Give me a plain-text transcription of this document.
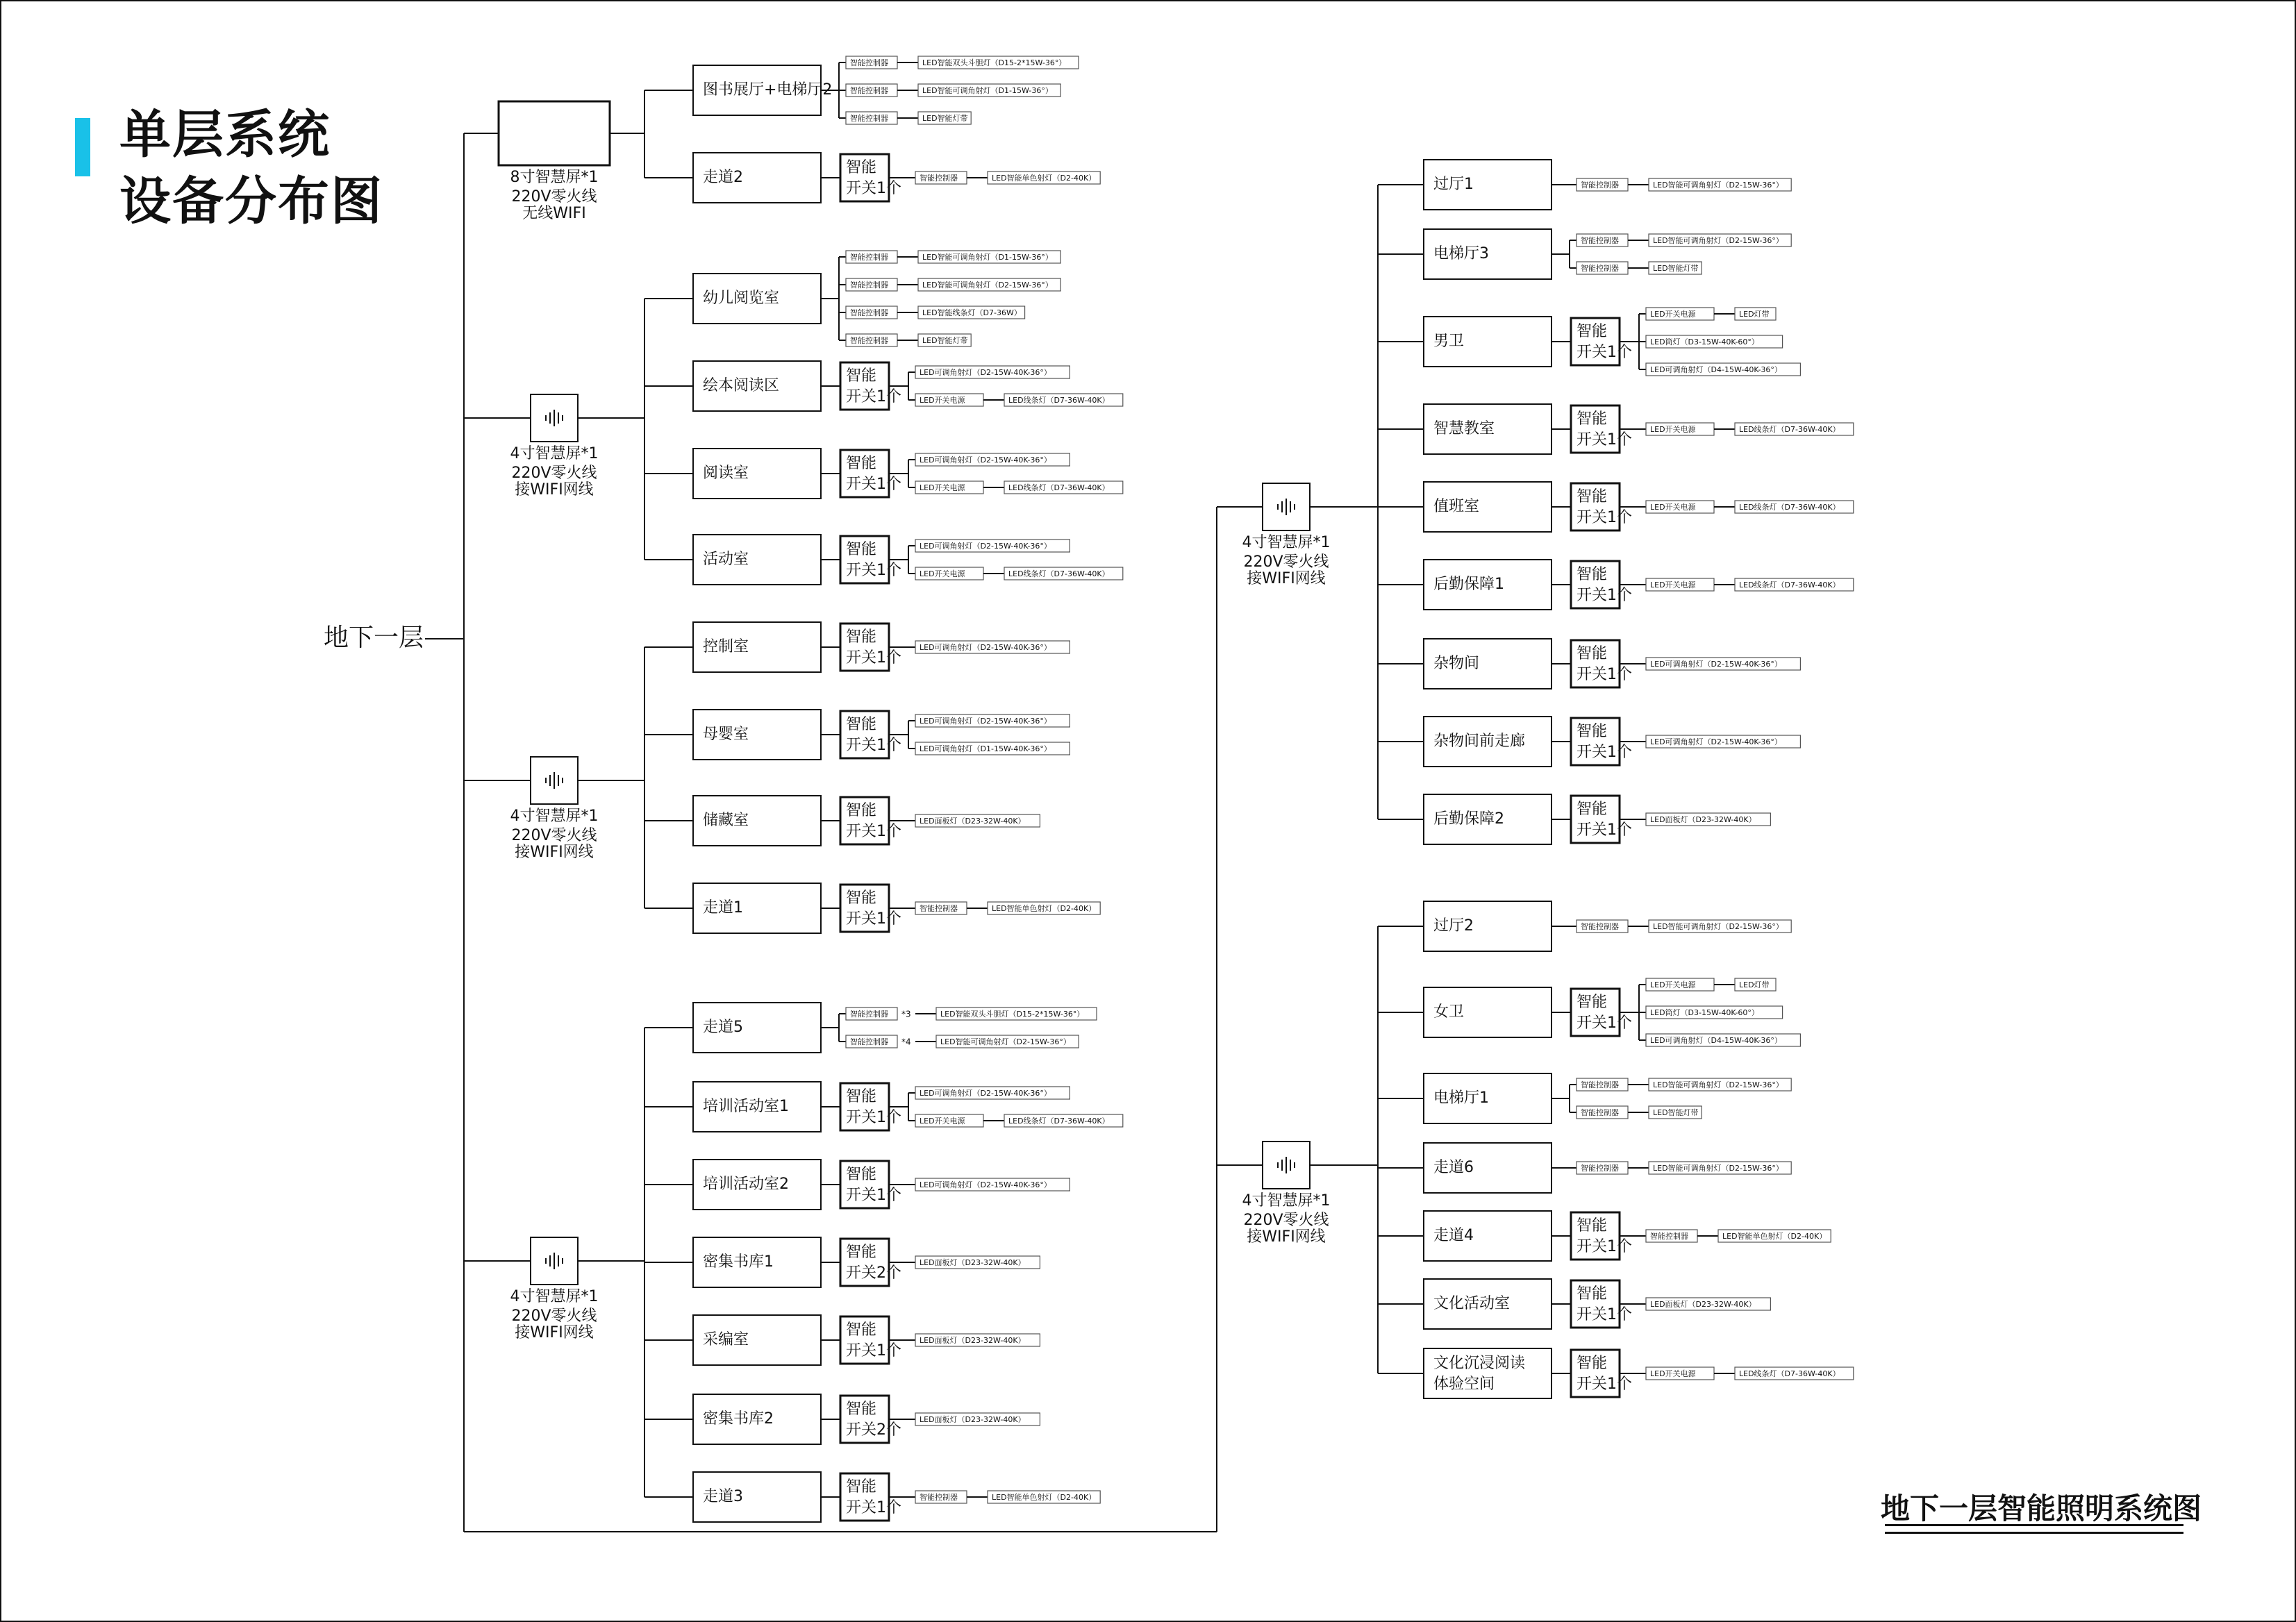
单层系统
设备分布图
地下一层
8寸智慧屏*1
220V零火线
无线WIFI
图书展厅+电梯厅2
智能控制器	LED智能双头斗胆灯（D15-2*15W-36°）
智能控制器	LED智能可调角射灯（D1-15W-36°）
智能控制器	LED智能灯带
走道2
智能
开关1个
智能控制器	LED智能单色射灯（D2-40K）
4寸智慧屏*1
220V零火线
接WIFI网线
幼儿阅览室
智能控制器	LED智能可调角射灯（D1-15W-36°）
智能控制器	LED智能可调角射灯（D2-15W-36°）
智能控制器	LED智能线条灯（D7-36W）
智能控制器	LED智能灯带
绘本阅读区
智能
开关1个
LED可调角射灯（D2-15W-40K-36°）
LED开关电源	LED线条灯（D7-36W-40K）
阅读室
智能
开关1个
LED可调角射灯（D2-15W-40K-36°）
LED开关电源	LED线条灯（D7-36W-40K）
活动室
智能
开关1个
LED可调角射灯（D2-15W-40K-36°）
LED开关电源	LED线条灯（D7-36W-40K）
4寸智慧屏*1
220V零火线
接WIFI网线
控制室
智能
开关1个
LED可调角射灯（D2-15W-40K-36°）
母婴室
智能
开关1个
LED可调角射灯（D2-15W-40K-36°）
LED可调角射灯（D1-15W-40K-36°）
储藏室
智能
开关1个
LED面板灯（D23-32W-40K）
走道1
智能
开关1个
智能控制器	LED智能单色射灯（D2-40K）
4寸智慧屏*1
220V零火线
接WIFI网线
走道5
智能控制器 *3	LED智能双头斗胆灯（D15-2*15W-36°）
智能控制器 *4	LED智能可调角射灯（D2-15W-36°）
培训活动室1
智能
开关1个
LED可调角射灯（D2-15W-40K-36°）
LED开关电源	LED线条灯（D7-36W-40K）
培训活动室2
智能
开关1个
LED可调角射灯（D2-15W-40K-36°）
密集书库1
智能
开关2个
LED面板灯（D23-32W-40K）
采编室
智能
开关1个
LED面板灯（D23-32W-40K）
密集书库2
智能
开关2个
LED面板灯（D23-32W-40K）
走道3
智能
开关1个
智能控制器	LED智能单色射灯（D2-40K）
4寸智慧屏*1
220V零火线
接WIFI网线
过厅1	智能控制器	LED智能可调角射灯（D2-15W-36°）
电梯厅3
智能控制器	LED智能可调角射灯（D2-15W-36°）
智能控制器	LED智能灯带
男卫
智能
开关1个
LED开关电源	LED灯带
LED筒灯（D3-15W-40K-60°）
LED可调角射灯（D4-15W-40K-36°）
智慧教室
智能
开关1个
LED开关电源	LED线条灯（D7-36W-40K）
值班室
智能
开关1个
LED开关电源	LED线条灯（D7-36W-40K）
后勤保障1
智能
开关1个
LED开关电源	LED线条灯（D7-36W-40K）
杂物间
智能
开关1个
LED可调角射灯（D2-15W-40K-36°）
杂物间前走廊
智能
开关1个
LED可调角射灯（D2-15W-40K-36°）
后勤保障2
智能
开关1个
LED面板灯（D23-32W-40K）
4寸智慧屏*1
220V零火线
接WIFI网线
过厅2	智能控制器	LED智能可调角射灯（D2-15W-36°）
女卫
智能
开关1个
LED开关电源	LED灯带
LED筒灯（D3-15W-40K-60°）
LED可调角射灯（D4-15W-40K-36°）
电梯厅1
智能控制器	LED智能可调角射灯（D2-15W-36°）
智能控制器	LED智能灯带
走道6	智能控制器	LED智能可调角射灯（D2-15W-36°）
走道4
智能
开关1个
智能控制器	LED智能单色射灯（D2-40K）
文化活动室
智能
开关1个
LED面板灯（D23-32W-40K）
文化沉浸阅读
体验空间
智能
开关1个
LED开关电源	LED线条灯（D7-36W-40K）
地下一层智能照明系统图
